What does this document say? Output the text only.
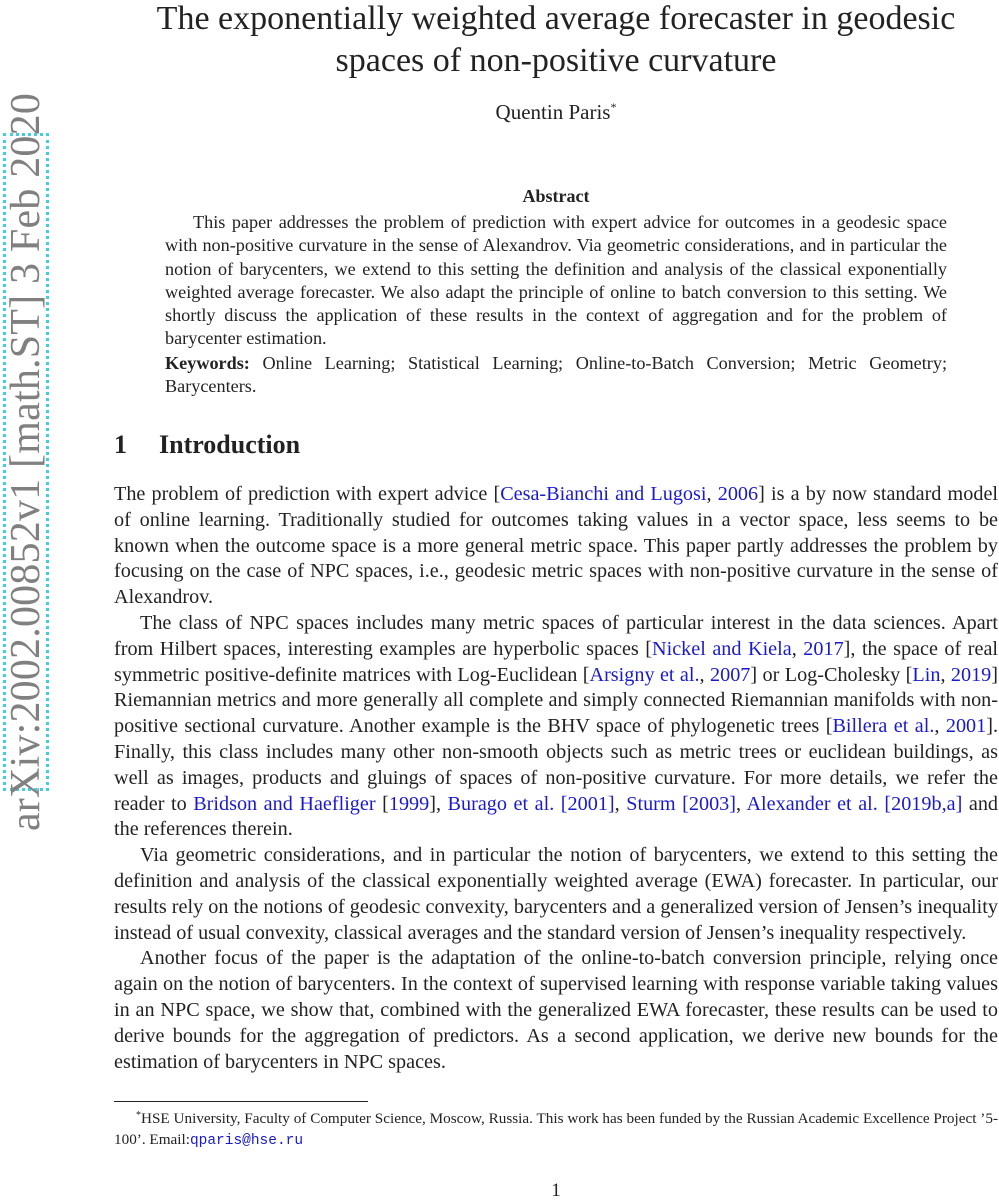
arXiv:2002.00852v1 [math.ST] 3 Feb 2020
The exponentially weighted average forecaster in geodesic spaces of non-positive curvature
Quentin Paris*
Abstract
This paper addresses the problem of prediction with expert advice for outcomes in a geodesic space with non-positive curvature in the sense of Alexandrov. Via geometric considerations, and in particular the notion of barycenters, we extend to this setting the definition and analysis of the classical exponentially weighted average forecaster. We also adapt the principle of online to batch conversion to this setting. We shortly discuss the application of these results in the context of aggregation and for the problem of barycenter estimation.
Keywords: Online Learning; Statistical Learning; Online-to-Batch Conversion; Metric Geometry; Barycenters.
1 Introduction

The problem of prediction with expert advice [Cesa-Bianchi and Lugosi, 2006] is a by now standard model of online learning. Traditionally studied for outcomes taking values in a vector space, less seems to be known when the outcome space is a more general metric space. This paper partly addresses the problem by focusing on the case of NPC spaces, i.e., geodesic metric spaces with non-positive curvature in the sense of Alexandrov.

The class of NPC spaces includes many metric spaces of particular interest in the data sciences. Apart from Hilbert spaces, interesting examples are hyperbolic spaces [Nickel and Kiela, 2017], the space of real symmetric positive-definite matrices with Log-Euclidean [Arsigny et al., 2007] or Log-Cholesky [Lin, 2019] Riemannian metrics and more generally all complete and simply connected Riemannian manifolds with non-positive sectional curvature. Another example is the BHV space of phylogenetic trees [Billera et al., 2001]. Finally, this class includes many other non-smooth objects such as metric trees or euclidean buildings, as well as images, products and gluings of spaces of non-positive curvature. For more details, we refer the reader to Bridson and Haefliger [1999], Burago et al. [2001], Sturm [2003], Alexander et al. [2019b,a] and the references therein.

Via geometric considerations, and in particular the notion of barycenters, we extend to this setting the definition and analysis of the classical exponentially weighted average (EWA) forecaster. In particular, our results rely on the notions of geodesic convexity, barycenters and a generalized version of Jensen’s inequality instead of usual convexity, classical averages and the standard version of Jensen’s inequality respectively.

Another focus of the paper is the adaptation of the online-to-batch conversion principle, relying once again on the notion of barycenters. In the context of supervised learning with response variable taking values in an NPC space, we show that, combined with the generalized EWA forecaster, these results can be used to derive bounds for the aggregation of predictors. As a second application, we derive new bounds for the estimation of barycenters in NPC spaces.

*HSE University, Faculty of Computer Science, Moscow, Russia. This work has been funded by the Russian Academic Excellence Project ’5-100’. Email:qparis@hse.ru
1
